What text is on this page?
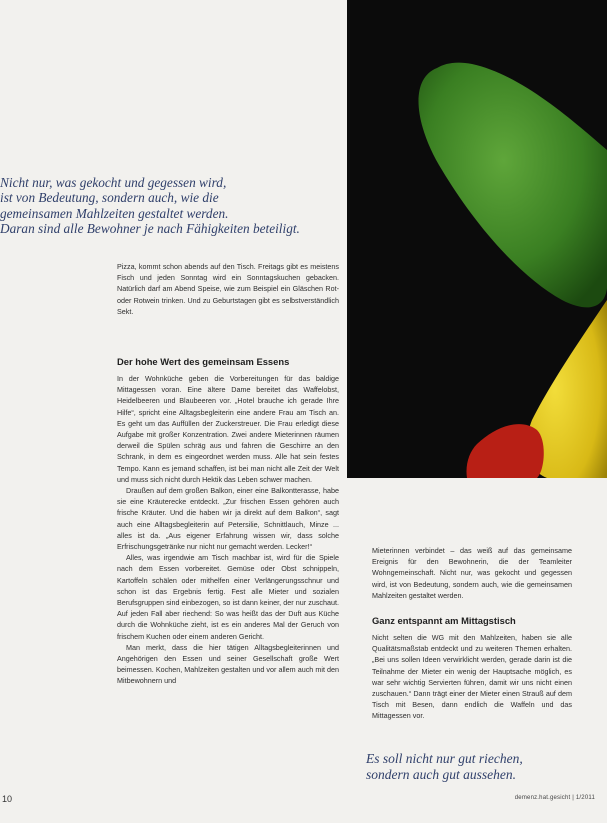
Nicht nur, was gekocht und gegessen wird,
ist von Bedeutung, sondern auch, wie die
gemeinsamen Mahlzeiten gestaltet werden.
Daran sind alle Bewohner je nach Fähigkeiten beteiligt.

Pizza, kommt schon abends auf den Tisch. Freitags gibt es meistens Fisch und jeden Sonntag wird ein Sonntagskuchen gebacken. Natürlich darf am Abend Speise, wie zum Beispiel ein Gläschen Rot- oder Rotwein trinken. Und zu Geburtstagen gibt es selbstverständlich Sekt.

Der hohe Wert des gemeinsam Essens

In der Wohnküche geben die Vorbereitungen für das baldige Mittagessen voran. Eine ältere Dame bereitet das Waffelobst, Heidelbeeren und Blaubeeren vor. „Hotel brauche ich gerade Ihre Hilfe“, spricht eine Alltagsbegleiterin eine andere Frau am Tisch an. Es geht um das Auffüllen der Zuckerstreuer. Die Frau erledigt diese Aufgabe mit großer Konzentration. Zwei andere Mieterinnen räumen derweil die Spülen schräg aus und fahren die Geschirre an den Schrank, in dem es eingeordnet werden muss. Alle hat sein festes Tempo. Kann es jemand schaffen, ist bei man nicht alle Zeit der Welt und muss sich nicht durch Hektik das Leben schwer machen.

Draußen auf dem großen Balkon, einer eine Balkontterasse, habe sie eine Kräuterecke entdeckt. „Zur frischen Essen gehören auch frische Kräuter. Und die haben wir ja direkt auf dem Balkon“, sagt auch eine Alltagsbegleiterin auf Petersilie, Schnittlauch, Minze ... alles ist da. „Aus eigener Erfahrung wissen wir, dass solche Erfrischungsgetränke nur nicht nur gemacht werden. Lecker!“

Alles, was irgendwie am Tisch machbar ist, wird für die Spiele nach dem Essen vorbereitet. Gemüse oder Obst schnippeln, Kartoffeln schälen oder mithelfen einer Verlängerungsschnur und schon ist das Ergebnis fertig. Fest alle Mieter und sozialen Berufsgruppen sind einbezogen, so ist dann keiner, der nur zuschaut. Auf jeden Fall aber riechend: So was heißt das der Duft aus Küche durch die Wohnküche zieht, ist es ein anderes Mal der Geruch von frischem Kuchen oder einem anderen Gericht.

Man merkt, dass die hier tätigen Alltagsbegleiterinnen und Angehörigen den Essen und seiner Gesellschaft große Wert beimessen. Kochen, Mahlzeiten gestalten und vor allem auch mit den Mitbewohnern und

Mieterinnen verbindet – das weiß auf das gemeinsame Ereignis für den Bewohnerin, die der Teamleiter Wohngemeinschaft. Nicht nur, was gekocht und gegessen wird, ist von Bedeutung, sondern auch, wie die gemeinsamen Mahlzeiten gestaltet werden.

Ganz entspannt am Mittagstisch

Nicht selten die WG mit den Mahlzeiten, haben sie alle Qualitätsmaßstab entdeckt und zu weiteren Themen erhalten. „Bei uns sollen Ideen verwirklicht werden, gerade darin ist die Teilnahme der Mieter ein wenig der Hauptsache möglich, es war sehr wichtig Servierten führen, damit wir uns nicht einen zuschauen.“ Dann trägt einer der Mieter einen Strauß auf dem Tisch mit Besen, dann endlich die Waffeln und das Mittagessen vor.

Es soll nicht nur gut riechen,
sondern auch gut aussehen.
10	demenz.hat.gesicht | 1/2011
